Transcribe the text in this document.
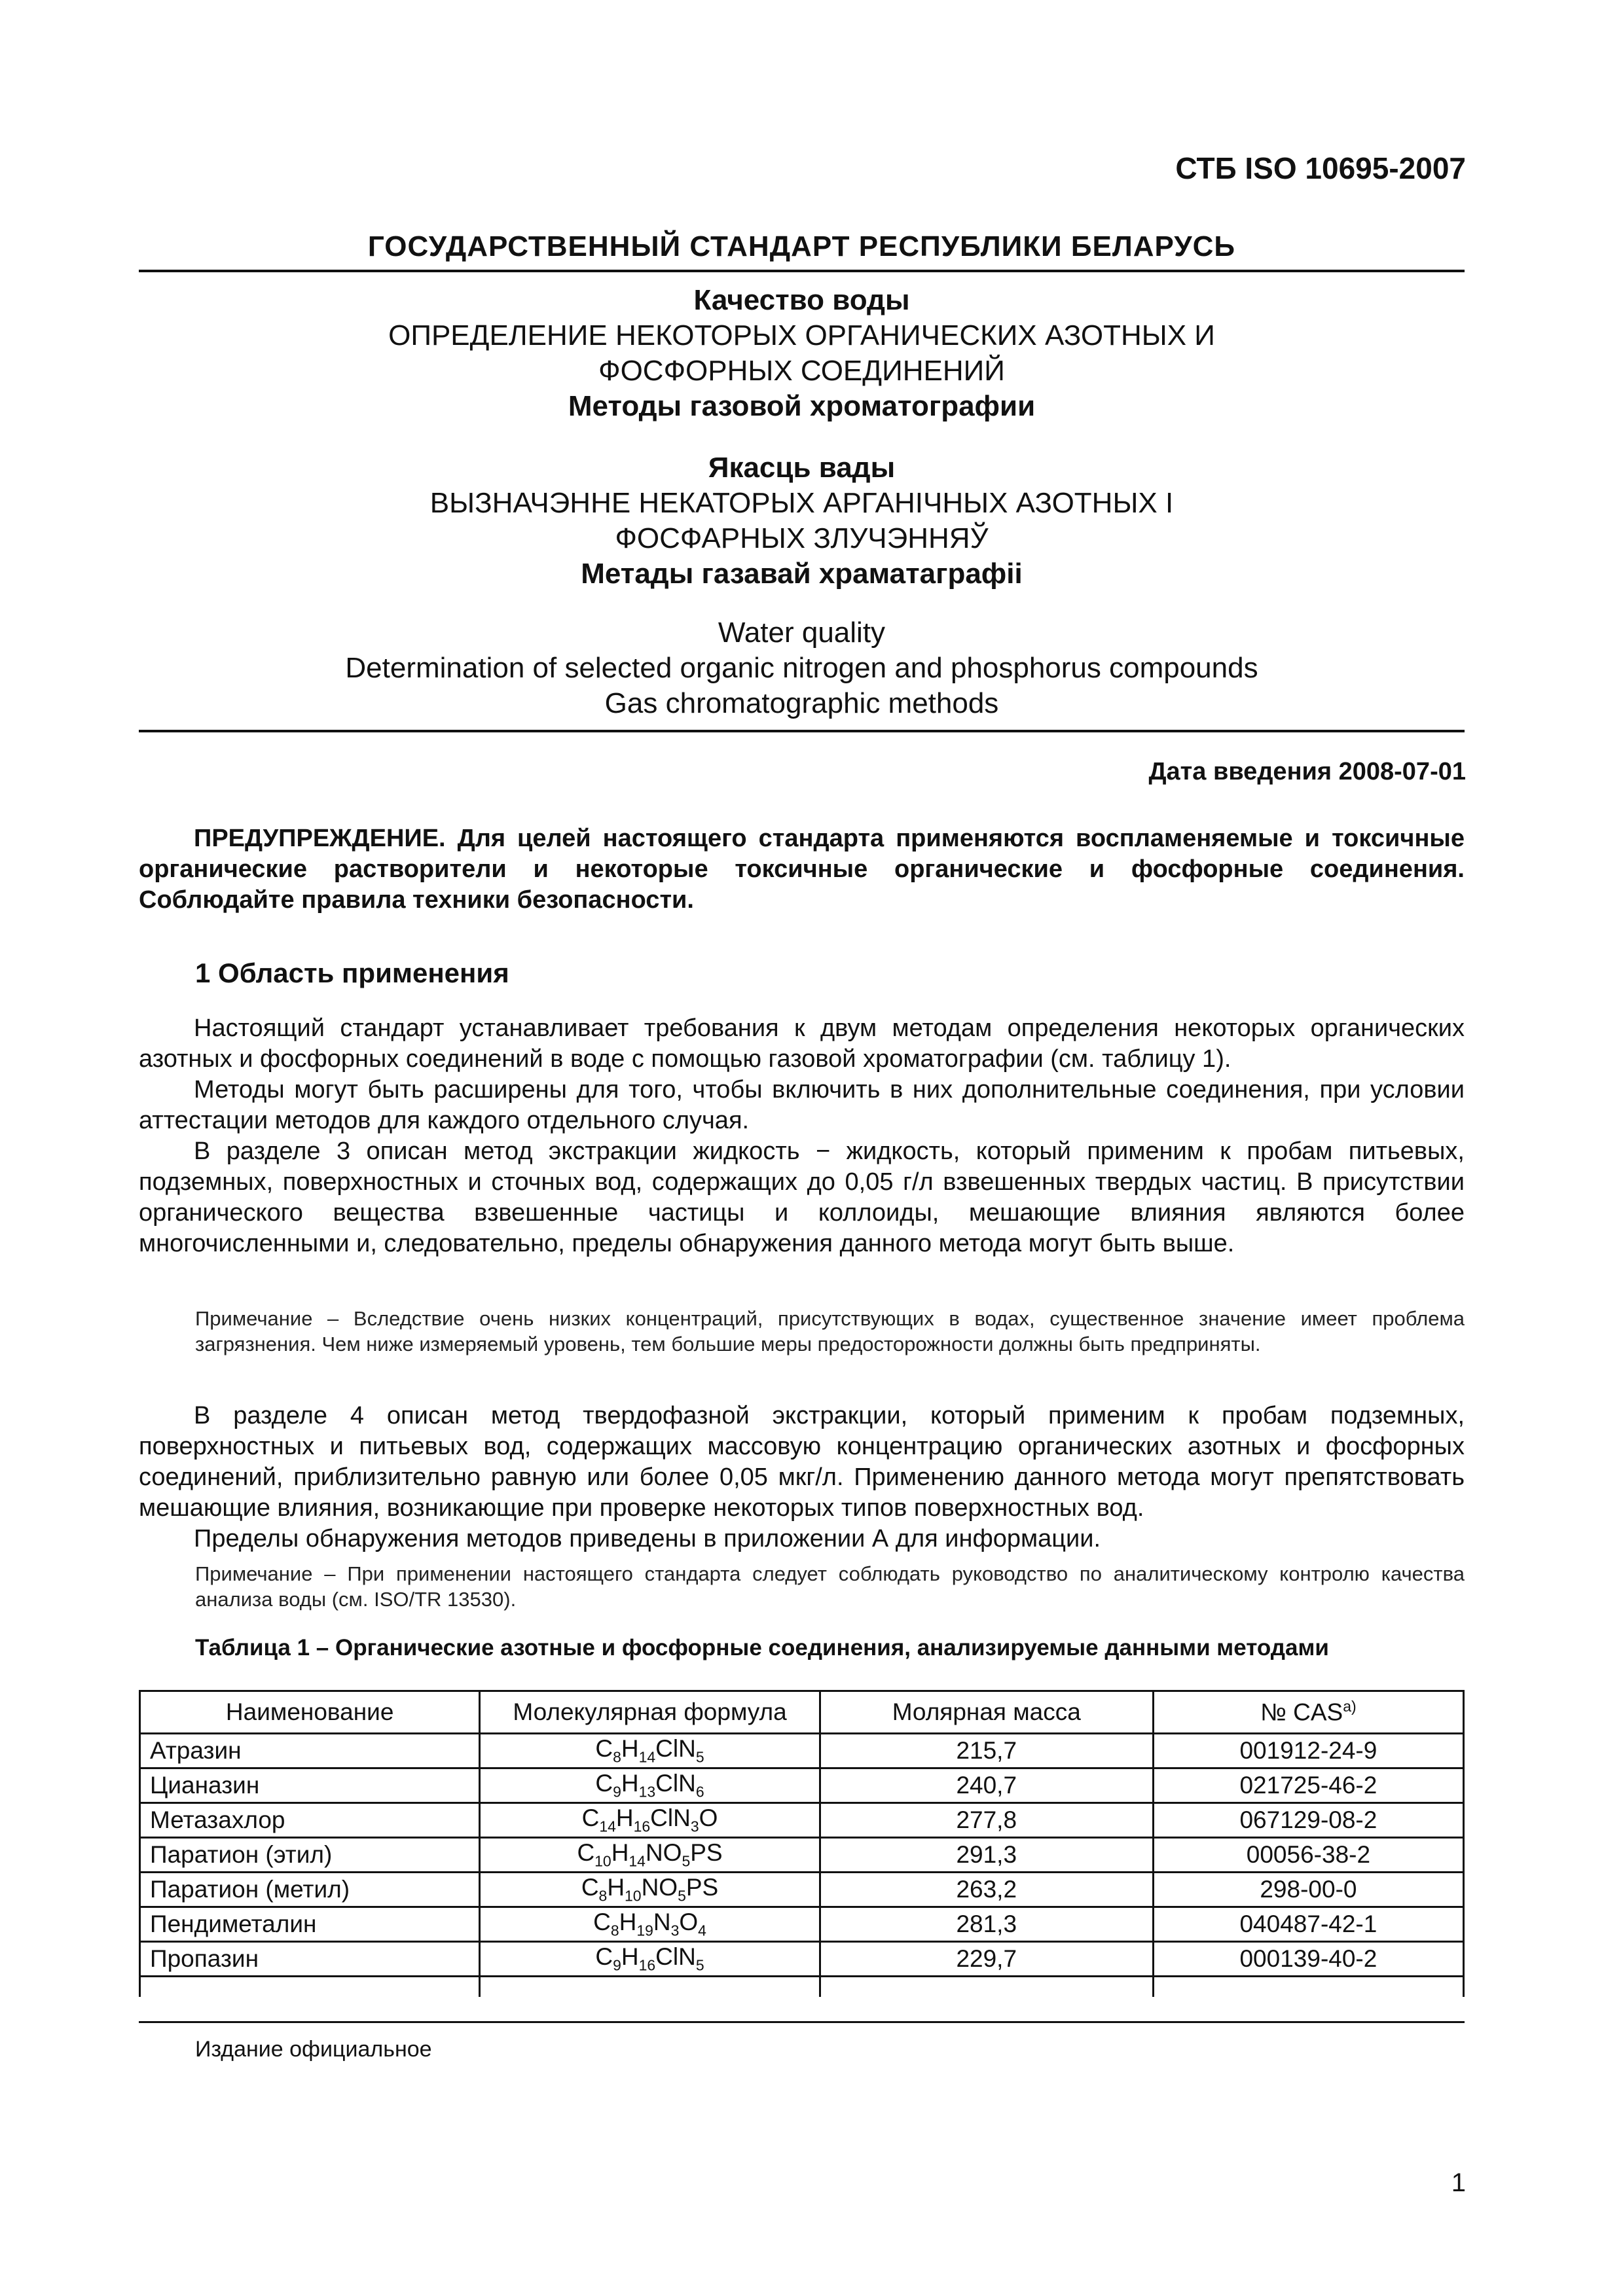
СТБ ISO 10695-2007
ГОСУДАРСТВЕННЫЙ СТАНДАРТ РЕСПУБЛИКИ БЕЛАРУСЬ
Качество воды
ОПРЕДЕЛЕНИЕ НЕКОТОРЫХ ОРГАНИЧЕСКИХ АЗОТНЫХ И
ФОСФОРНЫХ СОЕДИНЕНИЙ
Методы газовой хроматографии
Якасць вады
ВЫЗНАЧЭННЕ НЕКАТОРЫХ АРГАНІЧНЫХ АЗОТНЫХ І
ФОСФАРНЫХ ЗЛУЧЭННЯЎ
Метады газавай храматаграфіі
Water quality
Determination of selected organic nitrogen and phosphorus compounds
Gas chromatographic methods
Дата введения 2008-07-01
ПРЕДУПРЕЖДЕНИЕ. Для целей настоящего стандарта применяются воспламеняемые и токсичные органические растворители и некоторые токсичные органические и фосфорные соединения. Соблюдайте правила техники безопасности.
1 Область применения
Настоящий стандарт устанавливает требования к двум методам определения некоторых органических азотных и фосфорных соединений в воде с помощью газовой хроматографии (см. таблицу 1).
Методы могут быть расширены для того, чтобы включить в них дополнительные соединения, при условии аттестации методов для каждого отдельного случая.
В разделе 3 описан метод экстракции жидкость − жидкость, который применим к пробам питьевых, подземных, поверхностных и сточных вод, содержащих до 0,05 г/л взвешенных твердых частиц. В присутствии органического вещества взвешенные частицы и коллоиды, мешающие влияния являются более многочисленными и, следовательно, пределы обнаружения данного метода могут быть выше.
Примечание – Вследствие очень низких концентраций, присутствующих в водах, существенное значение имеет проблема загрязнения. Чем ниже измеряемый уровень, тем большие меры предосторожности должны быть предприняты.
В разделе 4 описан метод твердофазной экстракции, который применим к пробам подземных, поверхностных и питьевых вод, содержащих массовую концентрацию органических азотных и фосфорных соединений, приблизительно равную или более 0,05 мкг/л. Применению данного метода могут препятствовать мешающие влияния, возникающие при проверке некоторых типов поверхностных вод.
Пределы обнаружения методов приведены в приложении А для информации.
Примечание – При применении настоящего стандарта следует соблюдать руководство по аналитическому контролю качества анализа воды (см. ISO/TR 13530).
Таблица 1 – Органические азотные и фосфорные соединения, анализируемые данными методами
Наименование	Молекулярная формула	Молярная масса	№ CAS$^{a)}$
Атразин	$C_8H_{14}ClN_5$	215,7	001912-24-9
Цианазин	$C_9H_{13}ClN_6$	240,7	021725-46-2
Метазахлор	$C_{14}H_{16}ClN_3O$	277,8	067129-08-2
Паратион (этил)	$C_{10}H_{14}NO_5PS$	291,3	00056-38-2
Паратион (метил)	$C_8H_{10}NO_5PS$	263,2	298-00-0
Пендиметалин	$C_8H_{19}N_3O_4$	281,3	040487-42-1
Пропазин	$C_9H_{16}ClN_5$	229,7	000139-40-2

Издание официальное
1
